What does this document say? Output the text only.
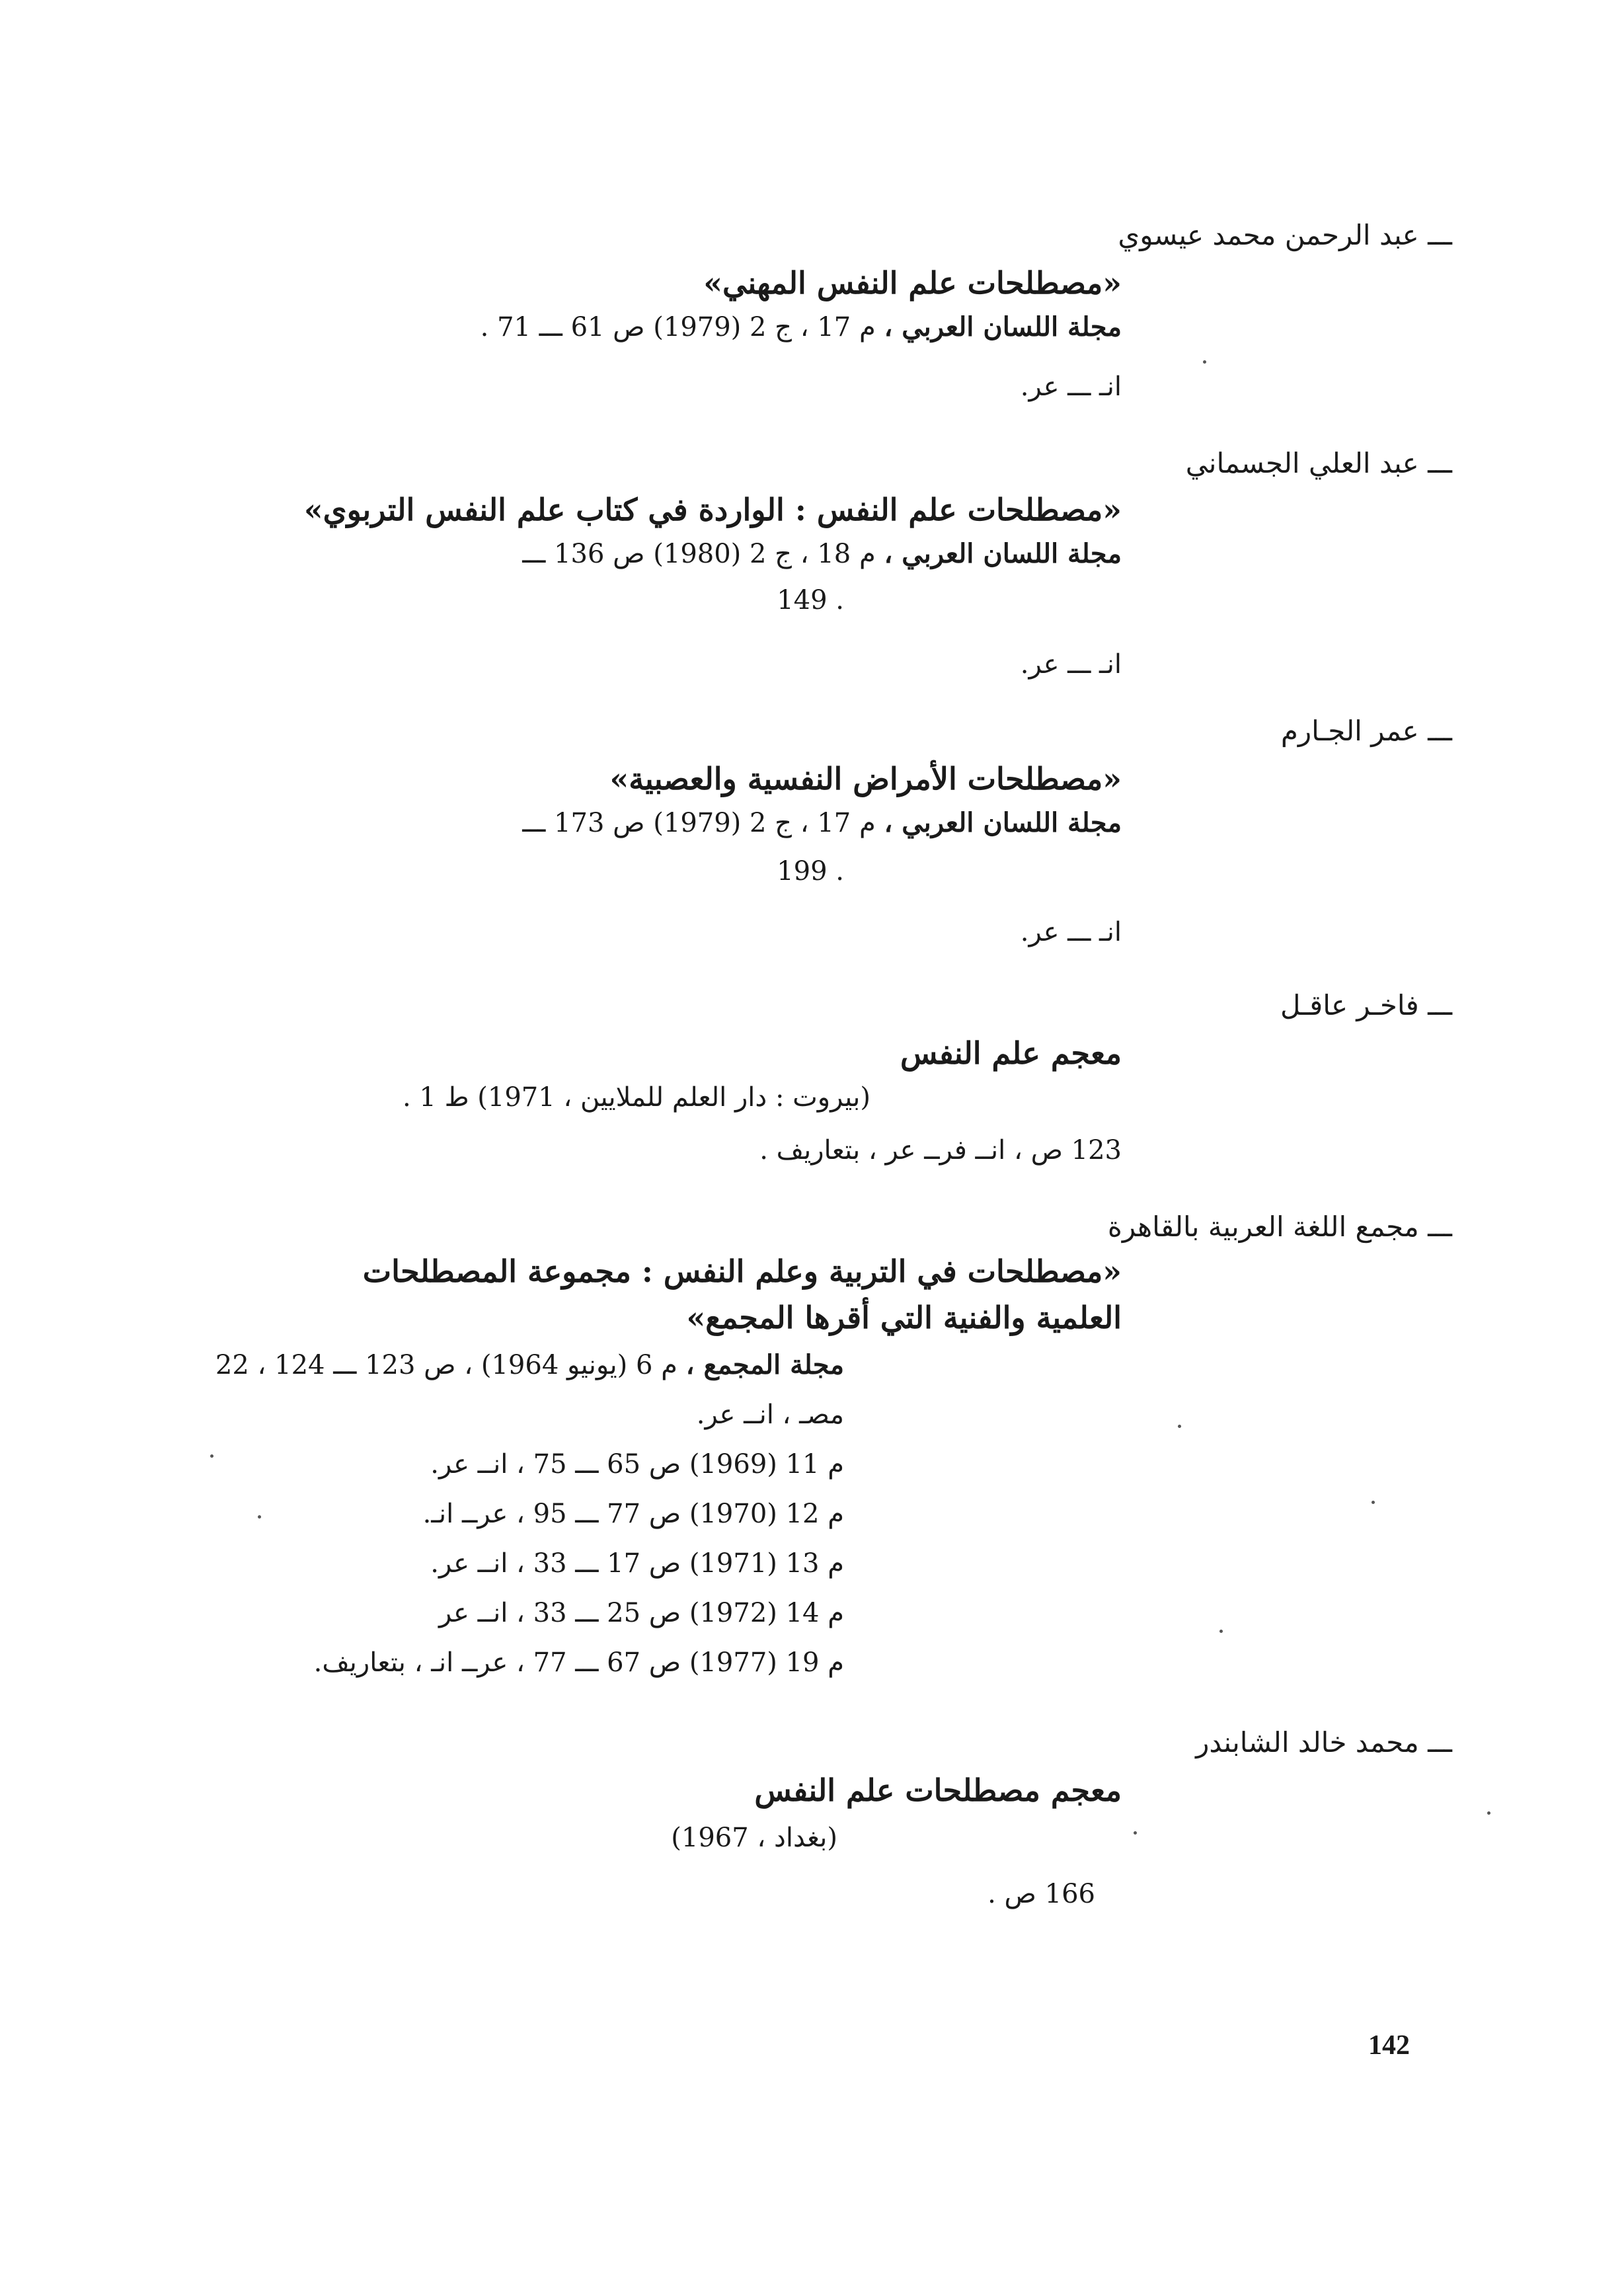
ـــ عبد الرحمن محمد عيسوي
«مصطلحات علم النفس المهني»
مجلة اللسان العربي ، م 17 ، ج 2 (1979) ص 61 ـــ 71 .
انـ ـــ عر.
ـــ عبد العلي الجسماني
«مصطلحات علم النفس : الواردة في كتاب علم النفس التربوي»
مجلة اللسان العربي ، م 18 ، ج 2 (1980) ص 136 ـــ
149 .
انـ ـــ عر.
ـــ عمر الجـارم
«مصطلحات الأمراض النفسية والعصبية»
مجلة اللسان العربي ، م 17 ، ج 2 (1979) ص 173 ـــ
199 .
انـ ـــ عر.
ـــ فاخـر عاقـل
معجم علم النفس
(بيروت : دار العلم للملايين ، 1971) ط 1 .
123 ص ، انــ فرــ عر ، بتعاريف .
ـــ مجمع اللغة العربية بالقاهرة
«مصطلحات في التربية وعلم النفس : مجموعة المصطلحات
العلمية والفنية التي أقرها المجمع»
مجلة المجمع ، م 6 (يونيو 1964) ، ص 123 ـــ 124 ، 22
مصـ ، انــ عر.
م 11 (1969) ص 65 ـــ 75 ، انــ عر.
م 12 (1970) ص 77 ـــ 95 ، عرــ انـ.
م 13 (1971) ص 17 ـــ 33 ، انــ عر.
م 14 (1972) ص 25 ـــ 33 ، انــ عر
م 19 (1977) ص 67 ـــ 77 ، عرــ انـ ، بتعاريف.
ـــ محمد خالد الشابندر
معجم مصطلحات علم النفس
(بغداد ، 1967)
166 ص .
142
